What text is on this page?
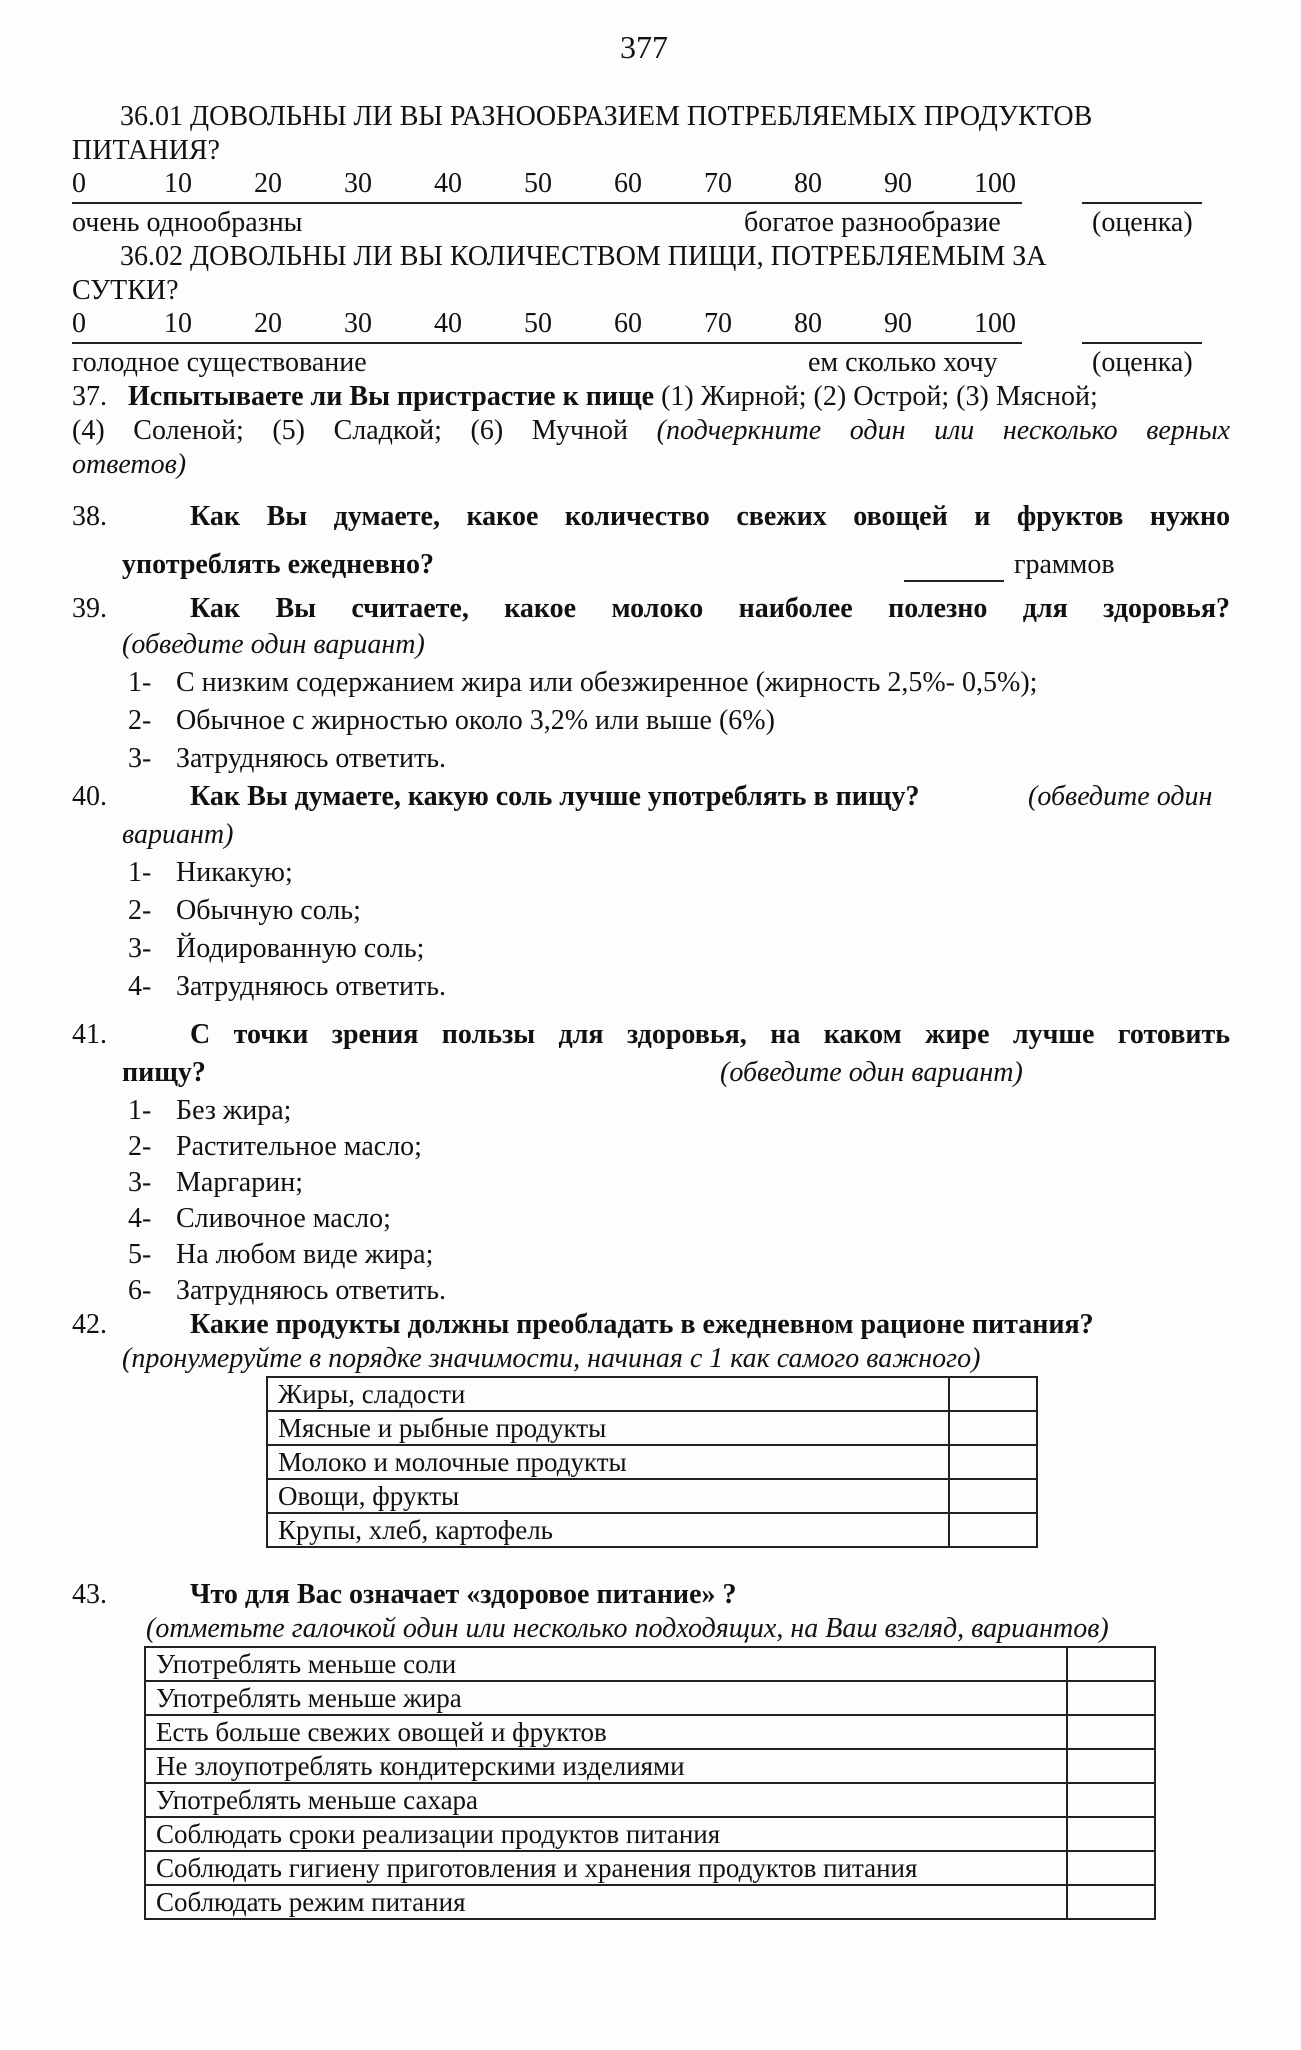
377
36.01 ДОВОЛЬНЫ ЛИ ВЫ РАЗНООБРАЗИЕМ ПОТРЕБЛЯЕМЫХ ПРОДУКТОВ
ПИТАНИЯ?
0	10 20 30 40 50 60 70 80 90 100
очень однообразны	богатое разнообразие	(оценка)
36.02 ДОВОЛЬНЫ ЛИ ВЫ КОЛИЧЕСТВОМ ПИЩИ, ПОТРЕБЛЯЕМЫМ ЗА
СУТКИ?
0	10 20 30 40 50 60 70 80 90 100
голодное существование	ем сколько хочу	(оценка)
37. Испытываете ли Вы пристрастие к пище (1) Жирной; (2) Острой; (3) Мясной;
(4) Соленой; (5) Сладкой; (6) Мучной (подчеркните один или несколько верных
ответов)
38.	Как Вы думаете, какое количество свежих овощей и фруктов нужно
употреблять ежедневно?	граммов
39.	Как Вы считаете, какое молоко наиболее полезно для здоровья?
(обведите один вариант)
1- С низким содержанием жира или обезжиренное (жирность 2,5%- 0,5%);
2- Обычное с жирностью около 3,2% или выше (6%)
3- Затрудняюсь ответить.
40.	Как Вы думаете, какую соль лучше употреблять в пищу?	(обведите один
вариант)
1- Никакую;
2- Обычную соль;
3- Йодированную соль;
4- Затрудняюсь ответить.
41.	С точки зрения пользы для здоровья, на каком жире лучше готовить
пищу?	(обведите один вариант)
1- Без жира;
2- Растительное масло;
3- Маргарин;
4- Сливочное масло;
5- На любом виде жира;
6- Затрудняюсь ответить.
42.	Какие продукты должны преобладать в ежедневном рационе питания?
(пронумеруйте в порядке значимости, начиная с 1 как самого важного)
Жиры, сладости	
Мясные и рыбные продукты	
Молоко и молочные продукты	
Овощи, фрукты	
Крупы, хлеб, картофель	
43.	Что для Вас означает «здоровое питание» ?
(отметьте галочкой один или несколько подходящих, на Ваш взгляд, вариантов)
Употреблять меньше соли	
Употреблять меньше жира	
Есть больше свежих овощей и фруктов	
Не злоупотреблять кондитерскими изделиями	
Употреблять меньше сахара	
Соблюдать сроки реализации продуктов питания	
Соблюдать гигиену приготовления и хранения продуктов питания	
Соблюдать режим питания	
